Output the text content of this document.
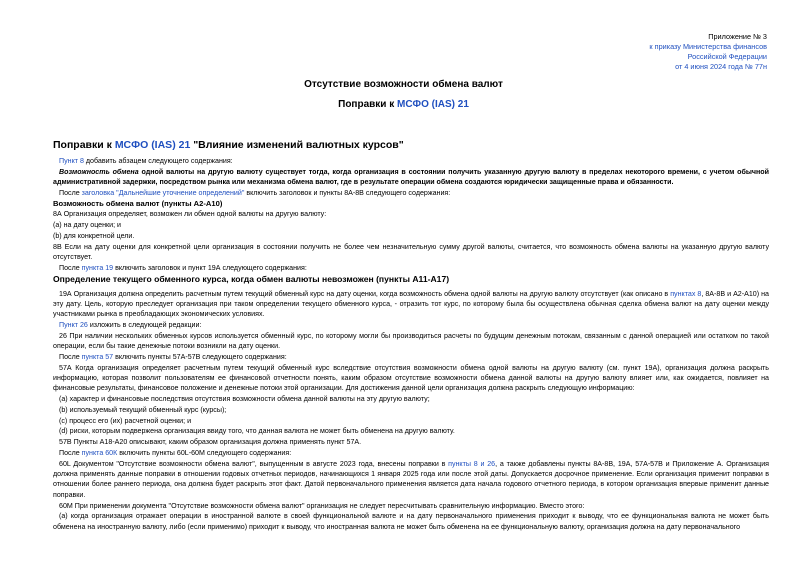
Приложение № 3
к приказу Министерства финансов
Российской Федерации
от 4 июня 2024 года № 77н
Отсутствие возможности обмена валют
Поправки к МСФО (IAS) 21
Поправки к МСФО (IAS) 21 "Влияние изменений валютных курсов"

Пункт 8 добавить абзацем следующего содержания:

Возможность обмена одной валюты на другую валюту существует тогда, когда организация в состоянии получить указанную другую валюту в пределах некоторого времени, с учетом обычной административной задержки, посредством рынка или механизма обмена валют, где в результате операции обмена создаются юридически защищенные права и обязанности.

После заголовка "Дальнейшие уточнение определений" включить заголовок и пункты 8А-8В следующего содержания:

Возможность обмена валют (пункты А2-А10)

8А Организация определяет, возможен ли обмен одной валюты на другую валюту:

(a) на дату оценки; и

(b) для конкретной цели.

8В Если на дату оценки для конкретной цели организация в состоянии получить не более чем незначительную сумму другой валюты, считается, что возможность обмена валюты на указанную другую валюту отсутствует.

После пункта 19 включить заголовок и пункт 19А следующего содержания:

Определение текущего обменного курса, когда обмен валюты невозможен (пункты А11-А17)

19А Организация должна определить расчетным путем текущий обменный курс на дату оценки, когда возможность обмена одной валюты на другую валюту отсутствует (как описано в пунктах 8, 8А-8В и А2-А10) на эту дату. Цель, которую преследует организация при таком определении текущего обменного курса, - отразить тот курс, по которому была бы осуществлена обычная сделка обмена валют на дату оценки между участниками рынка в преобладающих экономических условиях.

Пункт 26 изложить в следующей редакции:

26 При наличии нескольких обменных курсов используется обменный курс, по которому могли бы производиться расчеты по будущим денежным потокам, связанным с данной операцией или остатком по такой операции, если бы такие денежные потоки возникли на дату оценки.

После пункта 57 включить пункты 57А-57В следующего содержания:

57А Когда организация определяет расчетным путем текущий обменный курс вследствие отсутствия возможности обмена одной валюты на другую валюту (см. пункт 19А), организация должна раскрыть информацию, которая позволит пользователям ее финансовой отчетности понять, каким образом отсутствие возможности обмена данной валюты на другую валюту влияет или, как ожидается, повлияет на финансовые результаты, финансовое положение и денежные потоки этой организации. Для достижения данной цели организация должна раскрыть следующую информацию:

(a) характер и финансовые последствия отсутствия возможности обмена данной валюты на эту другую валюту;

(b) используемый текущий обменный курс (курсы);

(c) процесс его (их) расчетной оценки; и

(d) риски, которым подвержена организация ввиду того, что данная валюта не может быть обменена на другую валюту.

57В Пункты А18-А20 описывают, каким образом организация должна применять пункт 57А.

После пункта 60К включить пункты 60L-60M следующего содержания:

60L Документом "Отсутствие возможности обмена валют", выпущенным в августе 2023 года, внесены поправки в пункты 8 и 26, а также добавлены пункты 8А-8В, 19А, 57А-57В и Приложение А. Организация должна применять данные поправки в отношении годовых отчетных периодов, начинающихся 1 января 2025 года или после этой даты. Допускается досрочное применение. Если организация применит поправки в отношении более раннего периода, она должна будет раскрыть этот факт. Датой первоначального применения является дата начала годового отчетного периода, в котором организация впервые применит данные поправки.

60М При применении документа "Отсутствие возможности обмена валют" организация не следует пересчитывать сравнительную информацию. Вместо этого:

(a) когда организация отражает операции в иностранной валюте в своей функциональной валюте и на дату первоначального применения приходит к выводу, что ее функциональная валюта не может быть обменена на иностранную валюту, либо (если применимо) приходит к выводу, что иностранная валюта не может быть обменена на ее функциональную валюту, организация должна на дату первоначального
